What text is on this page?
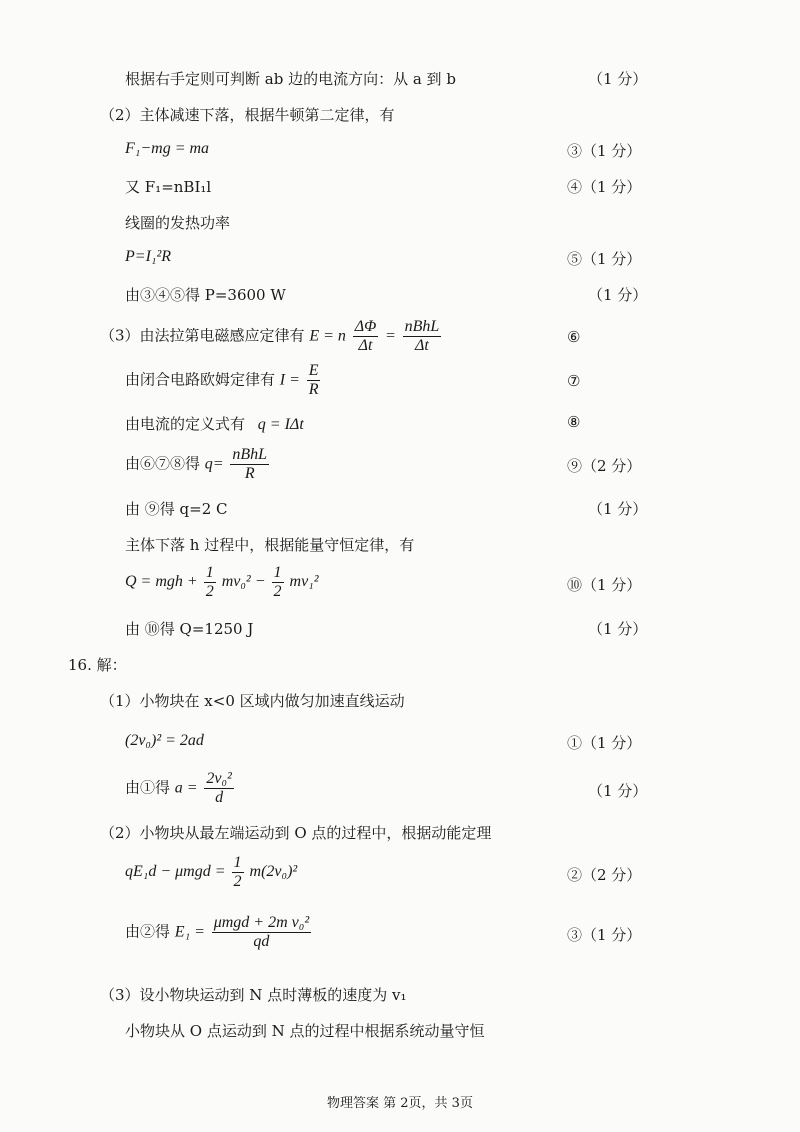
根据右手定则可判断 ab 边的电流方向：从 a 到 b	（1 分）
（2）主体减速下落，根据牛顿第二定律，有
F₁−mg = ma	③（1 分）
又 F₁=nBI₁l	④（1 分）
线圈的发热功率
P=I₁²R	⑤（1 分）
由③④⑤得 P=3600 W	（1 分）
（3）由法拉第电磁感应定律有 E = n $\frac{\Delta\Phi}{\Delta t} = \frac{\text{nBhL}}{\Delta t}$	⑥
由闭合电路欧姆定律有 $I = \frac{E}{R}$	⑦
由电流的定义式有 q = IΔt	⑧
由⑥⑦⑧得 $q= \frac{\text{nBhL}}{R}$	⑨（2 分）
由 ⑨得 q=2 C	（1 分）
主体下落 h 过程中，根据能量守恒定律，有
Q = mgh + $\frac{1}{2} mv_0^2 - \frac{1}{2} mv_1^2$	⑩（1 分）
由 ⑩得 Q=1250 J	（1 分）
16. 解：
（1）小物块在 x<0 区域内做匀加速直线运动
(2v₀)² = 2ad	①（1 分）
由①得 $a = \frac{\text{2v₀²}}{d}$	（1 分）
（2）小物块从最左端运动到 O 点的过程中，根据动能定理
$qE_1d - \mu mgd = \frac{1}{2} m(2v_0)^2$	②（2 分）
由②得 $E_1 = \frac{\text{μmgd + 2m v₀²}}{qd}$	③（1 分）
（3）设小物块运动到 N 点时薄板的速度为 v₁
小物块从 O 点运动到 N 点的过程中根据系统动量守恒
物理答案 第 2页，共 3页
